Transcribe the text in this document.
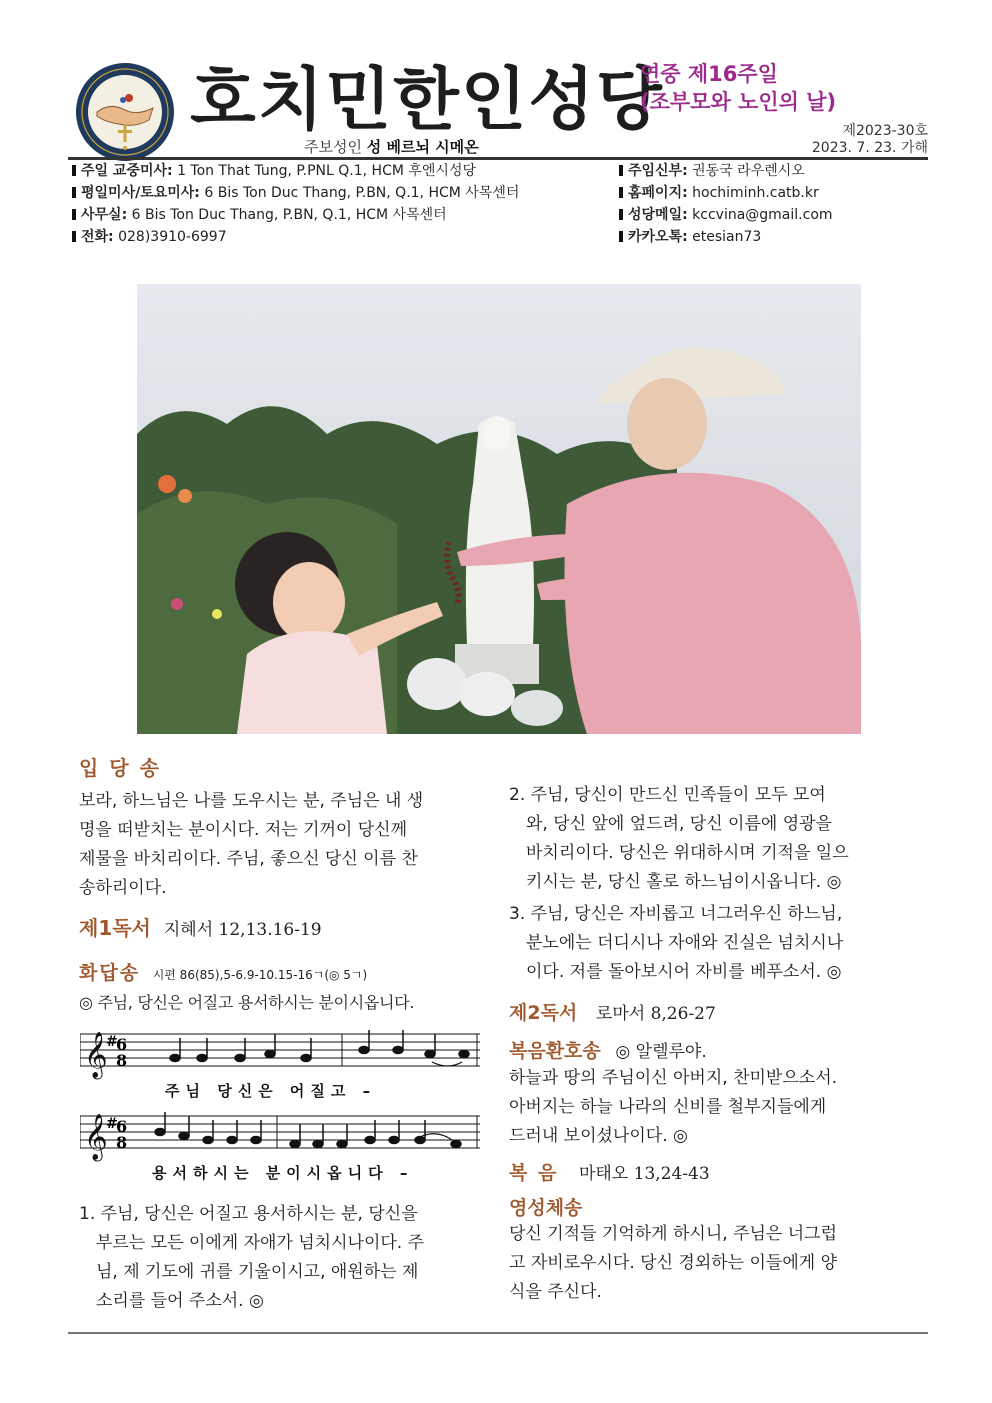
호치민한인성당
연중 제16주일
(조부모와 노인의 날)
제2023-30호
2023. 7. 23. 가해
주보성인 성 베르뇌 시메온
주일 교중미사: 1 Ton That Tung, P.PNL Q.1, HCM 후엔시성당
평일미사/토요미사: 6 Bis Ton Duc Thang, P.BN, Q.1, HCM 사목센터
사무실: 6 Bis Ton Duc Thang, P.BN, Q.1, HCM 사목센터
전화: 028)3910-6997
주임신부: 권동국 라우렌시오
홈페이지: hochiminh.catb.kr
성당메일: kccvina@gmail.com
카카오톡: etesian73
입 당 송
보라, 하느님은 나를 도우시는 분, 주님은 내 생
명을 떠받치는 분이시다. 저는 기꺼이 당신께
제물을 바치리이다. 주님, 좋으신 당신 이름 찬
송하리이다.
제1독서 지혜서 12,13.16-19
화답송 시편 86(85),5-6.9-10.15-16ㄱ(◎ 5ㄱ)
◎ 주님, 당신은 어질고 용서하시는 분이시옵니다.
𝄞
#
6
8
주님 당신은 어질고 –
𝄞
#
6
8
용서하시는 분이시옵니다 –
1. 주님, 당신은 어질고 용서하시는 분, 당신을
부르는 모든 이에게 자애가 넘치시나이다. 주
님, 제 기도에 귀를 기울이시고, 애원하는 제
소리를 들어 주소서. ◎
2. 주님, 당신이 만드신 민족들이 모두 모여
와, 당신 앞에 엎드려, 당신 이름에 영광을
바치리이다. 당신은 위대하시며 기적을 일으
키시는 분, 당신 홀로 하느님이시옵니다. ◎
3. 주님, 당신은 자비롭고 너그러우신 하느님,
분노에는 더디시나 자애와 진실은 넘치시나
이다. 저를 돌아보시어 자비를 베푸소서. ◎
제2독서 로마서 8,26-27
복음환호송 ◎ 알렐루야.
하늘과 땅의 주님이신 아버지, 찬미받으소서.
아버지는 하늘 나라의 신비를 철부지들에게
드러내 보이셨나이다. ◎
복 음 마태오 13,24-43
영성체송
당신 기적들 기억하게 하시니, 주님은 너그럽
고 자비로우시다. 당신 경외하는 이들에게 양
식을 주신다.
